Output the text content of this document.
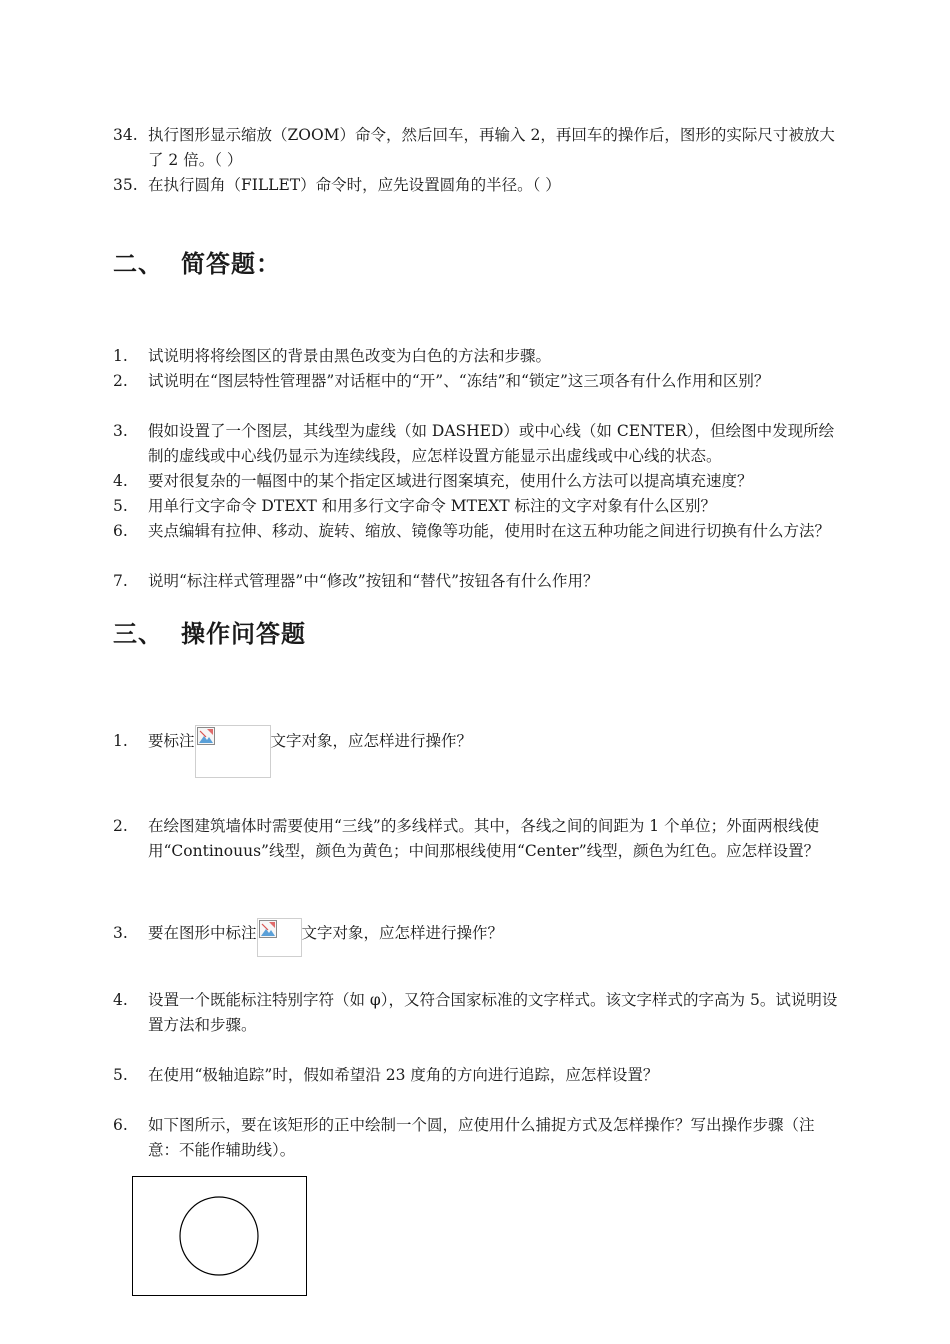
34. 执行图形显示缩放（ZOOM）命令，然后回车，再输入 2，再回车的操作后，图形的实际尺寸被放大了 2 倍。（ ）
35. 在执行圆角（FILLET）命令时，应先设置圆角的半径。（ ）
二、 简答题：
1.	试说明将将绘图区的背景由黑色改变为白色的方法和步骤。
2.	试说明在“图层特性管理器”对话框中的“开”、“冻结”和“锁定”这三项各有什么作用和区别？
3.	假如设置了一个图层，其线型为虚线（如 DASHED）或中心线（如 CENTER），但绘图中发现所绘制的虚线或中心线仍显示为连续线段，应怎样设置方能显示出虚线或中心线的状态。
4.	要对很复杂的一幅图中的某个指定区域进行图案填充，使用什么方法可以提高填充速度？
5.	用单行文字命令 DTEXT 和用多行文字命令 MTEXT 标注的文字对象有什么区别？
6.	夹点编辑有拉伸、移动、旋转、缩放、镜像等功能，使用时在这五种功能之间进行切换有什么方法？
7.	说明“标注样式管理器”中“修改”按钮和“替代”按钮各有什么作用？
三、 操作问答题
1.	要标注	文字对象，应怎样进行操作？
2.	在绘图建筑墙体时需要使用“三线”的多线样式。其中，各线之间的间距为 1 个单位；外面两根线使用“Continouus”线型，颜色为黄色；中间那根线使用“Center”线型，颜色为红色。应怎样设置？
3.	要在图形中标注	文字对象，应怎样进行操作？
4.	设置一个既能标注特别字符（如 φ），又符合国家标准的文字样式。该文字样式的字高为 5。试说明设置方法和步骤。
5.	在使用“极轴追踪”时，假如希望沿 23 度角的方向进行追踪，应怎样设置？
6.	如下图所示，要在该矩形的正中绘制一个圆，应使用什么捕捉方式及怎样操作？写出操作步骤（注意：不能作辅助线）。
